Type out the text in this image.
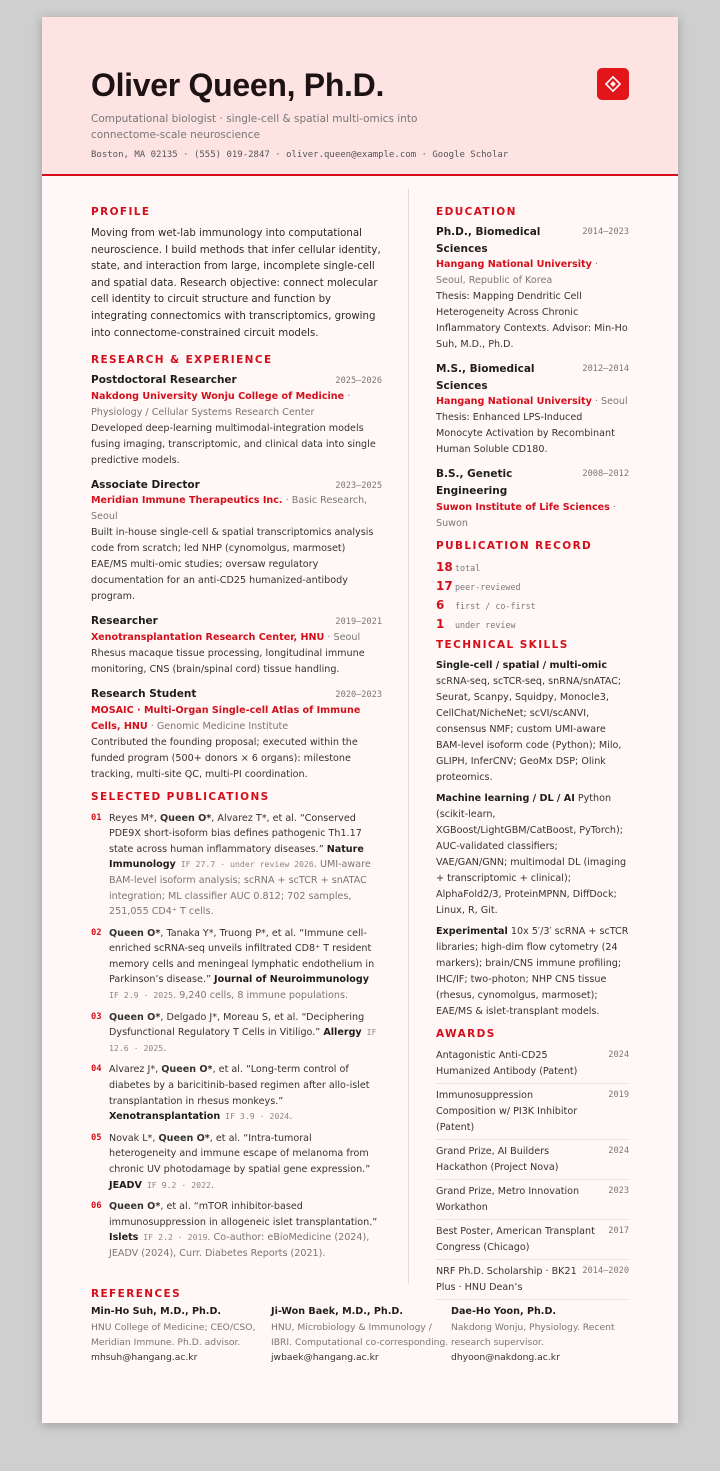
Oliver Queen, Ph.D.
Computational biologist · single-cell & spatial multi-omics into connectome-scale neuroscience
Boston, MA 02135 · (555) 019-2847 · oliver.queen@example.com · Google Scholar
PROFILE
Moving from wet-lab immunology into computational neuroscience. I build methods that infer cellular identity, state, and interaction from large, incomplete single-cell and spatial data. Research objective: connect molecular cell identity to circuit structure and function by integrating connectomics with transcriptomics, growing into connectome-constrained circuit models.
RESEARCH & EXPERIENCE
Postdoctoral Researcher	2025–2026
Nakdong University Wonju College of Medicine · Physiology / Cellular Systems Research Center
Developed deep-learning multimodal-integration models fusing imaging, transcriptomic, and clinical data into single predictive models.
Associate Director	2023–2025
Meridian Immune Therapeutics Inc. · Basic Research, Seoul
Built in-house single-cell & spatial transcriptomics analysis code from scratch; led NHP (cynomolgus, marmoset) EAE/MS multi-omic studies; oversaw regulatory documentation for an anti-CD25 humanized-antibody program.
Researcher	2019–2021
Xenotransplantation Research Center, HNU · Seoul
Rhesus macaque tissue processing, longitudinal immune monitoring, CNS (brain/spinal cord) tissue handling.
Research Student	2020–2023
MOSAIC · Multi-Organ Single-cell Atlas of Immune Cells, HNU · Genomic Medicine Institute
Contributed the founding proposal; executed within the funded program (500+ donors × 6 organs): milestone tracking, multi-site QC, multi-PI coordination.
SELECTED PUBLICATIONS
01 Reyes M*, Queen O*, Alvarez T*, et al. “Conserved PDE9X short-isoform bias defines pathogenic Th1.17 state across human inflammatory diseases.” Nature Immunology IF 27.7 · under review 2026. UMI-aware BAM-level isoform analysis; scRNA + scTCR + snATAC integration; ML classifier AUC 0.812; 702 samples, 251,055 CD4⁺ T cells.
02 Queen O*, Tanaka Y*, Truong P*, et al. “Immune cell-enriched scRNA-seq unveils infiltrated CD8⁺ T resident memory cells and meningeal lymphatic endothelium in Parkinson’s disease.” Journal of Neuroimmunology IF 2.9 · 2025. 9,240 cells, 8 immune populations.
03 Queen O*, Delgado J*, Moreau S, et al. “Deciphering Dysfunctional Regulatory T Cells in Vitiligo.” Allergy IF 12.6 · 2025.
04 Alvarez J*, Queen O*, et al. “Long-term control of diabetes by a baricitinib-based regimen after allo-islet transplantation in rhesus monkeys.” Xenotransplantation IF 3.9 · 2024.
05 Novak L*, Queen O*, et al. “Intra-tumoral heterogeneity and immune escape of melanoma from chronic UV photodamage by spatial gene expression.” JEADV IF 9.2 · 2022.
06 Queen O*, et al. “mTOR inhibitor-based immunosuppression in allogeneic islet transplantation.” Islets IF 2.2 · 2019. Co-author: eBioMedicine (2024), JEADV (2024), Curr. Diabetes Reports (2021).
EDUCATION
Ph.D., Biomedical Sciences
2014–2023
Hangang National University · Seoul, Republic of Korea
Thesis: Mapping Dendritic Cell Heterogeneity Across Chronic Inflammatory Contexts. Advisor: Min-Ho Suh, M.D., Ph.D.
M.S., Biomedical Sciences
2012–2014
Hangang National University · Seoul
Thesis: Enhanced LPS-Induced Monocyte Activation by Recombinant Human Soluble CD180.
B.S., Genetic Engineering
2008–2012
Suwon Institute of Life Sciences · Suwon
PUBLICATION RECORD
18 total
17 peer-reviewed
6	first / co-first
1	under review
TECHNICAL SKILLS
Single-cell / spatial / multi-omic scRNA-seq, scTCR-seq, snRNA/snATAC; Seurat, Scanpy, Squidpy, Monocle3, CellChat/NicheNet; scVI/scANVI, consensus NMF; custom UMI-aware BAM-level isoform code (Python); Milo, GLIPH, InferCNV; GeoMx DSP; Olink proteomics.
Machine learning / DL / AI Python (scikit-learn, XGBoost/LightGBM/CatBoost, PyTorch); AUC-validated classifiers; VAE/GAN/GNN; multimodal DL (imaging + transcriptomic + clinical); AlphaFold2/3, ProteinMPNN, DiffDock; Linux, R, Git.
Experimental 10x 5′/3′ scRNA + scTCR libraries; high-dim flow cytometry (24 markers); brain/CNS immune profiling; IHC/IF; two-photon; NHP CNS tissue (rhesus, cynomolgus, marmoset); EAE/MS & islet-transplant models.
AWARDS
Antagonistic Anti-CD25 Humanized Antibody (Patent)
2024
Immunosuppression Composition w/ PI3K Inhibitor (Patent)
2019
Grand Prize, AI Builders Hackathon (Project Nova)
2024
Grand Prize, Metro Innovation Workathon
2023
Best Poster, American Transplant Congress (Chicago)
2017
NRF Ph.D. Scholarship · BK21 Plus · HNU Dean’s
2014–2020
REFERENCES
Min-Ho Suh, M.D., Ph.D.
HNU College of Medicine; CEO/CSO, Meridian Immune. Ph.D. advisor.
mhsuh@hangang.ac.kr
Ji-Won Baek, M.D., Ph.D.
HNU, Microbiology & Immunology / IBRI. Computational co-corresponding.
jwbaek@hangang.ac.kr
Dae-Ho Yoon, Ph.D.
Nakdong Wonju, Physiology. Recent research supervisor.
dhyoon@nakdong.ac.kr
